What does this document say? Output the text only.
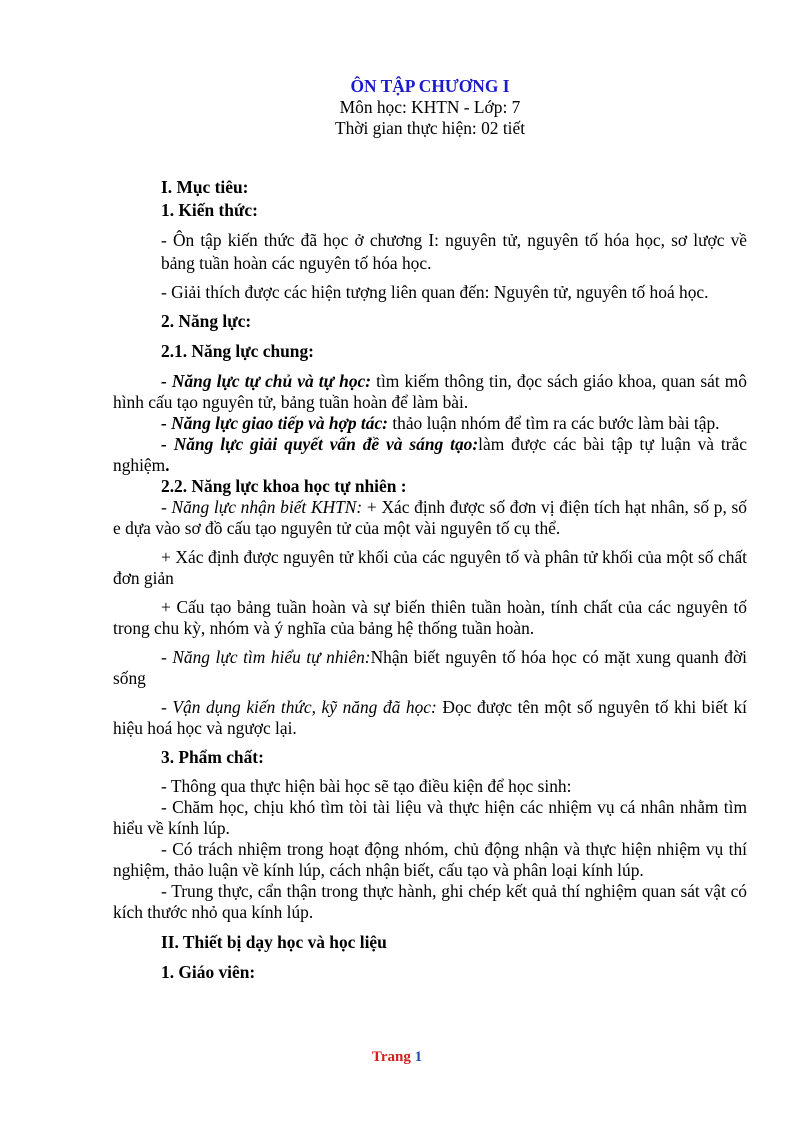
ÔN TẬP CHƯƠNG I
Môn học: KHTN - Lớp: 7
Thời gian thực hiện: 02 tiết

I. Mục tiêu:

1. Kiến thức:

- Ôn tập kiến thức đã học ở chương I: nguyên tử, nguyên tố hóa học, sơ lược về bảng tuần hoàn các nguyên tố hóa học.

- Giải thích được các hiện tượng liên quan đến: Nguyên tử, nguyên tố hoá học.

2. Năng lực:

2.1. Năng lực chung:

- Năng lực tự chủ và tự học: tìm kiếm thông tin, đọc sách giáo khoa, quan sát mô hình cấu tạo nguyên tử, bảng tuần hoàn để làm bài.

- Năng lực giao tiếp và hợp tác: thảo luận nhóm để tìm ra các bước làm bài tập.

- Năng lực giải quyết vấn đề và sáng tạo:làm được các bài tập tự luận và trắc nghiệm.

2.2. Năng lực khoa học tự nhiên :

- Năng lực nhận biết KHTN: + Xác định được số đơn vị điện tích hạt nhân, số p, số e dựa vào sơ đồ cấu tạo nguyên tử của một vài nguyên tố cụ thể.

+ Xác định được nguyên tử khối của các nguyên tố và phân tử khối của một số chất đơn giản

+ Cấu tạo bảng tuần hoàn và sự biến thiên tuần hoàn, tính chất của các nguyên tố trong chu kỳ, nhóm và ý nghĩa của bảng hệ thống tuần hoàn.

- Năng lực tìm hiểu tự nhiên:Nhận biết nguyên tố hóa học có mặt xung quanh đời sống

- Vận dụng kiến thức, kỹ năng đã học: Đọc được tên một số nguyên tố khi biết kí hiệu hoá học và ngược lại.

3. Phẩm chất:

- Thông qua thực hiện bài học sẽ tạo điều kiện để học sinh:

- Chăm học, chịu khó tìm tòi tài liệu và thực hiện các nhiệm vụ cá nhân nhằm tìm hiểu về kính lúp.

- Có trách nhiệm trong hoạt động nhóm, chủ động nhận và thực hiện nhiệm vụ thí nghiệm, thảo luận về kính lúp, cách nhận biết, cấu tạo và phân loại kính lúp.

- Trung thực, cẩn thận trong thực hành, ghi chép kết quả thí nghiệm quan sát vật có kích thước nhỏ qua kính lúp.

II. Thiết bị dạy học và học liệu

1. Giáo viên:

Trang 1
